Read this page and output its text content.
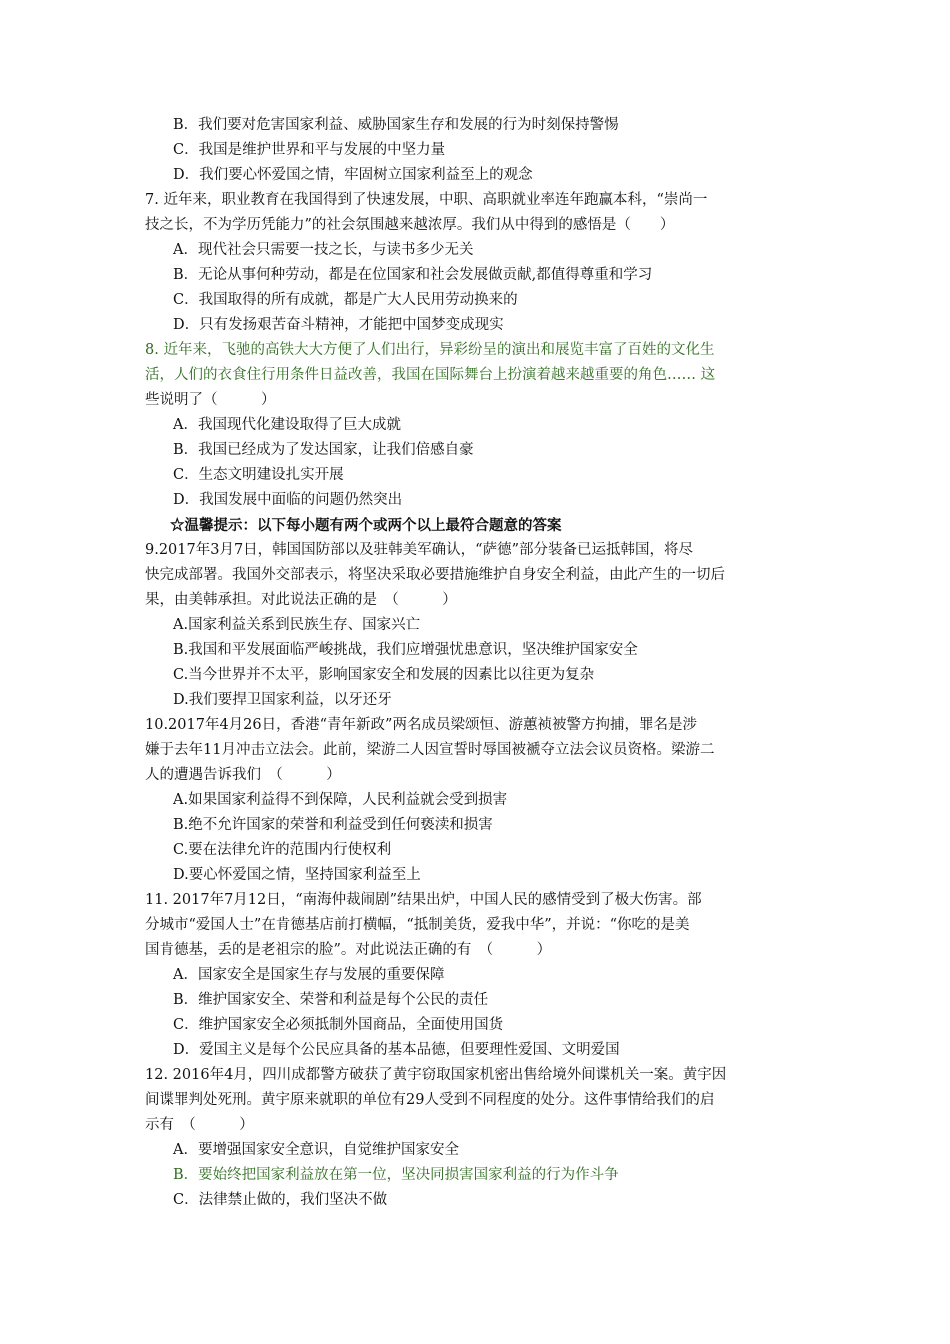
B．我们要对危害国家利益、威胁国家生存和发展的行为时刻保持警惕
C．我国是维护世界和平与发展的中坚力量
D．我们要心怀爱国之情，牢固树立国家利益至上的观念
7. 近年来，职业教育在我国得到了快速发展，中职、高职就业率连年跑赢本科，“崇尚一
技之长，不为学历凭能力”的社会氛围越来越浓厚。我们从中得到的感悟是（　　）
A．现代社会只需要一技之长，与读书多少无关
B．无论从事何种劳动，都是在位国家和社会发展做贡献,都值得尊重和学习
C．我国取得的所有成就，都是广大人民用劳动换来的
D．只有发扬艰苦奋斗精神，才能把中国梦变成现实
8. 近年来，飞驰的高铁大大方便了人们出行，异彩纷呈的演出和展览丰富了百姓的文化生
活，人们的衣食住行用条件日益改善，我国在国际舞台上扮演着越来越重要的角色…… 这
些说明了（　　　）
A．我国现代化建设取得了巨大成就
B．我国已经成为了发达国家，让我们倍感自豪
C．生态文明建设扎实开展
D．我国发展中面临的问题仍然突出
☆温馨提示：以下每小题有两个或两个以上最符合题意的答案
9.2017年3月7日，韩国国防部以及驻韩美军确认，“萨德”部分装备已运抵韩国，将尽
快完成部署。我国外交部表示，将坚决采取必要措施维护自身安全利益，由此产生的一切后
果，由美韩承担。对此说法正确的是　（　　　）
A.国家利益关系到民族生存、国家兴亡
B.我国和平发展面临严峻挑战，我们应增强忧患意识，坚决维护国家安全
C.当今世界并不太平，影响国家安全和发展的因素比以往更为复杂
D.我们要捍卫国家利益，以牙还牙
10.2017年4月26日，香港“青年新政”两名成员梁颂恒、游蕙祯被警方拘捕，罪名是涉
嫌于去年11月冲击立法会。此前，梁游二人因宣誓时辱国被褫夺立法会议员资格。梁游二
人的遭遇告诉我们　（　　　）
A.如果国家利益得不到保障，人民利益就会受到损害
B.绝不允许国家的荣誉和利益受到任何亵渎和损害
C.要在法律允许的范围内行使权利
D.要心怀爱国之情，坚持国家利益至上
11. 2017年7月12日，“南海仲裁闹剧”结果出炉，中国人民的感情受到了极大伤害。部
分城市“爱国人士”在肯德基店前打横幅，“抵制美货，爱我中华”，并说：“你吃的是美
国肯德基，丢的是老祖宗的脸”。对此说法正确的有　（　　　）
A．国家安全是国家生存与发展的重要保障
B．维护国家安全、荣誉和利益是每个公民的责任
C．维护国家安全必须抵制外国商品，全面使用国货
D．爱国主义是每个公民应具备的基本品德，但要理性爱国、文明爱国
12. 2016年4月，四川成都警方破获了黄宇窃取国家机密出售给境外间谍机关一案。黄宇因
间谍罪判处死刑。黄宇原来就职的单位有29人受到不同程度的处分。这件事情给我们的启
示有　（　　　）
A．要增强国家安全意识，自觉维护国家安全
B．要始终把国家利益放在第一位，坚决同损害国家利益的行为作斗争
C．法律禁止做的，我们坚决不做
